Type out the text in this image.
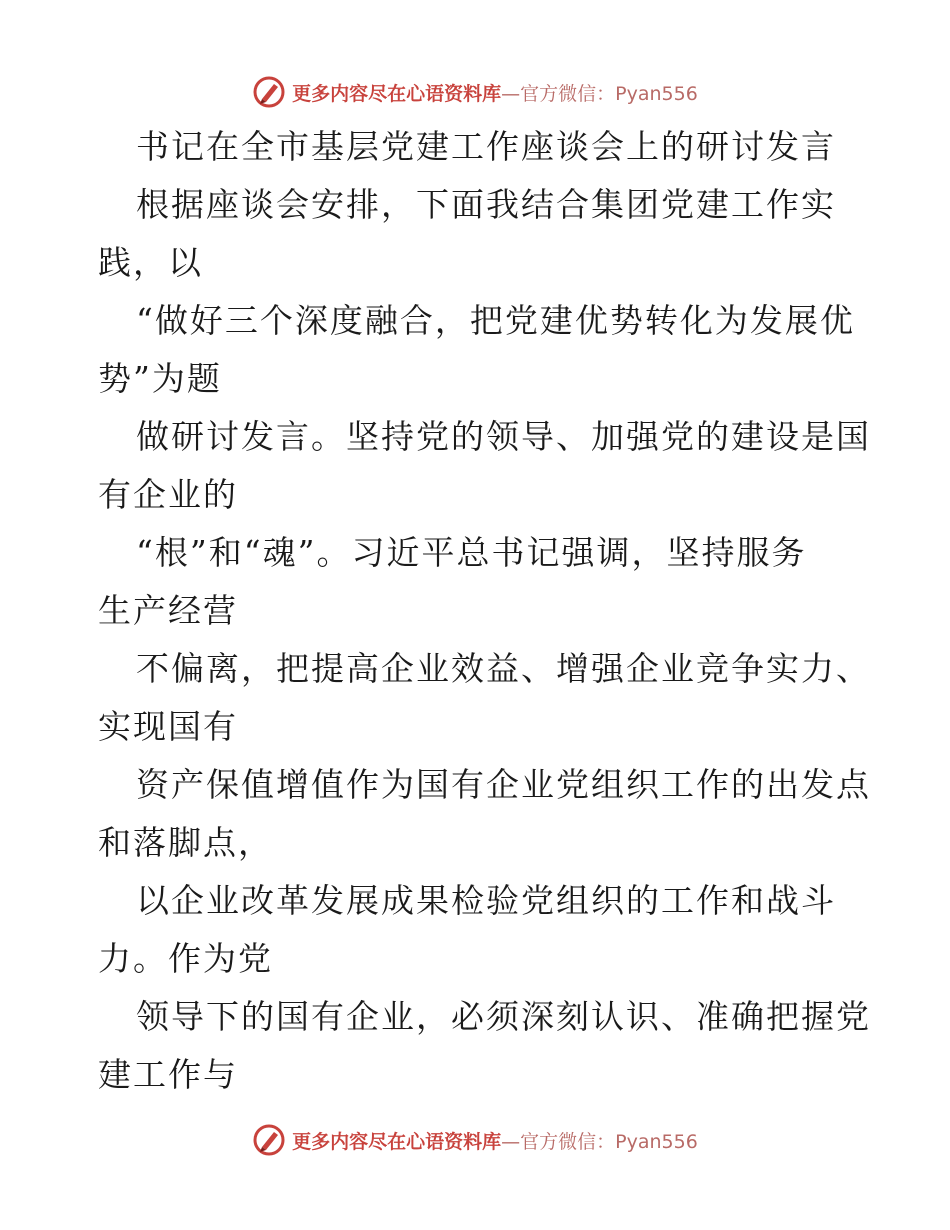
更多内容尽在心语资料库—官方微信：Pyan556
书记在全市基层党建工作座谈会上的研讨发言
根据座谈会安排，下面我结合集团党建工作实
践，以
“做好三个深度融合，把党建优势转化为发展优
势”为题
做研讨发言。坚持党的领导、加强党的建设是国
有企业的
“根”和“魂”。习近平总书记强调，坚持服务
生产经营
不偏离，把提高企业效益、增强企业竞争实力、
实现国有
资产保值增值作为国有企业党组织工作的出发点
和落脚点，
以企业改革发展成果检验党组织的工作和战斗
力。作为党
领导下的国有企业，必须深刻认识、准确把握党
建工作与
更多内容尽在心语资料库—官方微信：Pyan556
